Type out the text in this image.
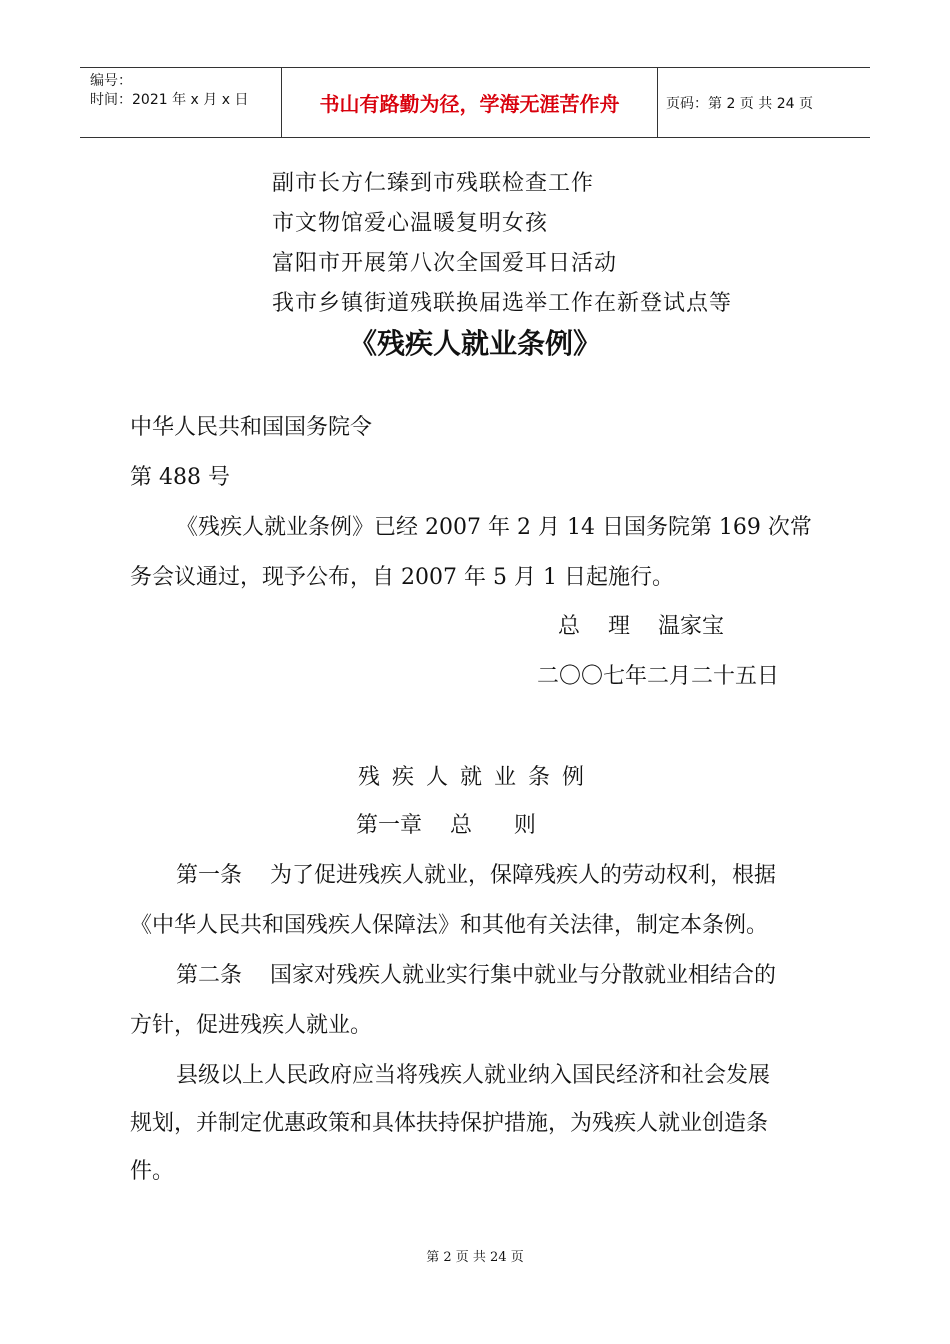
编号：
时间：2021 年 x 月 x 日	书山有路勤为径，学海无涯苦作舟	页码：第 2 页 共 24 页
副市长方仁臻到市残联检查工作
市文物馆爱心温暖复明女孩
富阳市开展第八次全国爱耳日活动
我市乡镇街道残联换届选举工作在新登试点等
《残疾人就业条例》
中华人民共和国国务院令
第 488 号
《残疾人就业条例》已经 2007 年 2 月 14 日国务院第 169 次常
务会议通过，现予公布，自 2007 年 5 月 1 日起施行。
总    理    温家宝
二〇〇七年二月二十五日
残疾人就业条例
第一章    总      则
第一条    为了促进残疾人就业，保障残疾人的劳动权利，根据
《中华人民共和国残疾人保障法》和其他有关法律，制定本条例。
第二条    国家对残疾人就业实行集中就业与分散就业相结合的
方针，促进残疾人就业。
县级以上人民政府应当将残疾人就业纳入国民经济和社会发展
规划，并制定优惠政策和具体扶持保护措施，为残疾人就业创造条
件。
第 2 页 共 24 页
